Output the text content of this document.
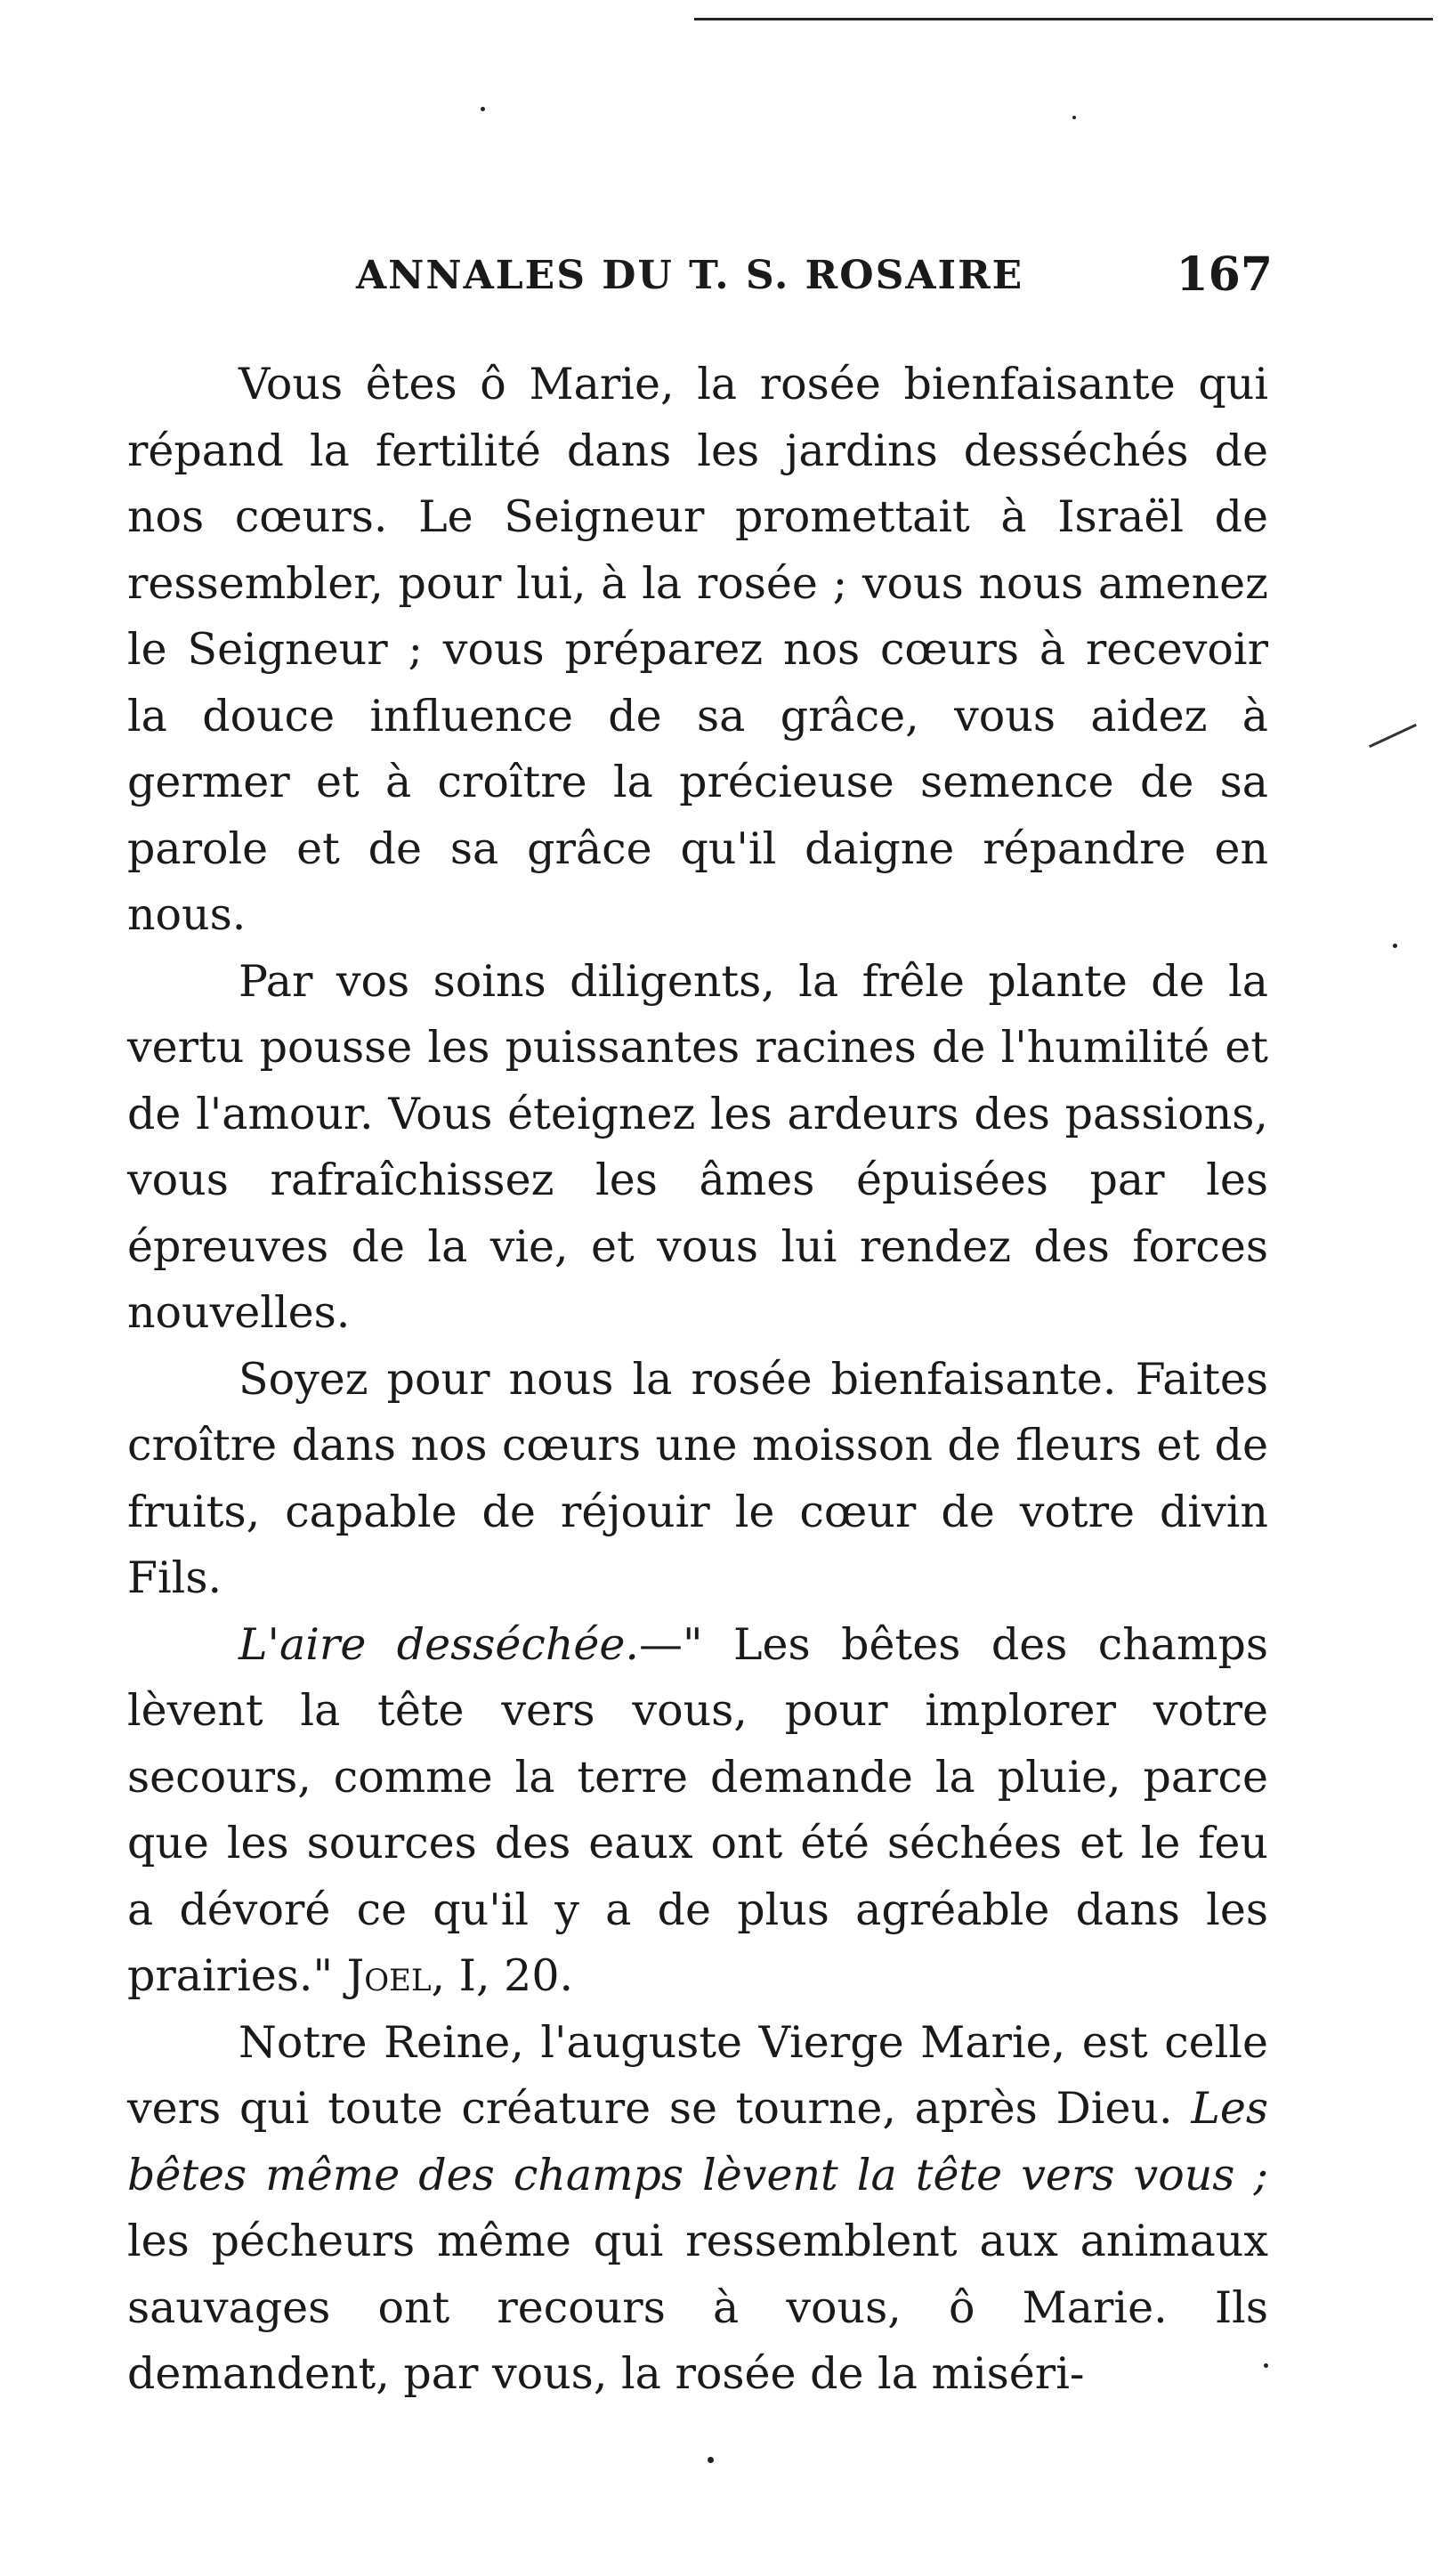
ANNALES DU T. S. ROSAIRE	167

Vous êtes ô Marie, la rosée bienfaisante qui répand la fertilité dans les jardins desséchés de nos cœurs. Le Seigneur promettait à Israël de ressembler, pour lui, à la rosée ; vous nous amenez le Seigneur ; vous préparez nos cœurs à recevoir la douce influence de sa grâce, vous aidez à germer et à croître la précieuse semence de sa parole et de sa grâce qu'il daigne répandre en nous.

Par vos soins diligents, la frêle plante de la vertu pousse les puissantes racines de l'humilité et de l'amour. Vous éteignez les ardeurs des passions, vous rafraîchissez les âmes épuisées par les épreuves de la vie, et vous lui rendez des forces nouvelles.

Soyez pour nous la rosée bienfaisante. Faites croître dans nos cœurs une moisson de fleurs et de fruits, capable de réjouir le cœur de votre divin Fils.

L'aire desséchée.—" Les bêtes des champs lèvent la tête vers vous, pour implorer votre secours, comme la terre demande la pluie, parce que les sources des eaux ont été séchées et le feu a dévoré ce qu'il y a de plus agréable dans les prairies." Joel, I, 20.

Notre Reine, l'auguste Vierge Marie, est celle vers qui toute créature se tourne, après Dieu. Les bêtes même des champs lèvent la tête vers vous ; les pécheurs même qui ressemblent aux animaux sauvages ont recours à vous, ô Marie. Ils demandent, par vous, la rosée de la miséri-
